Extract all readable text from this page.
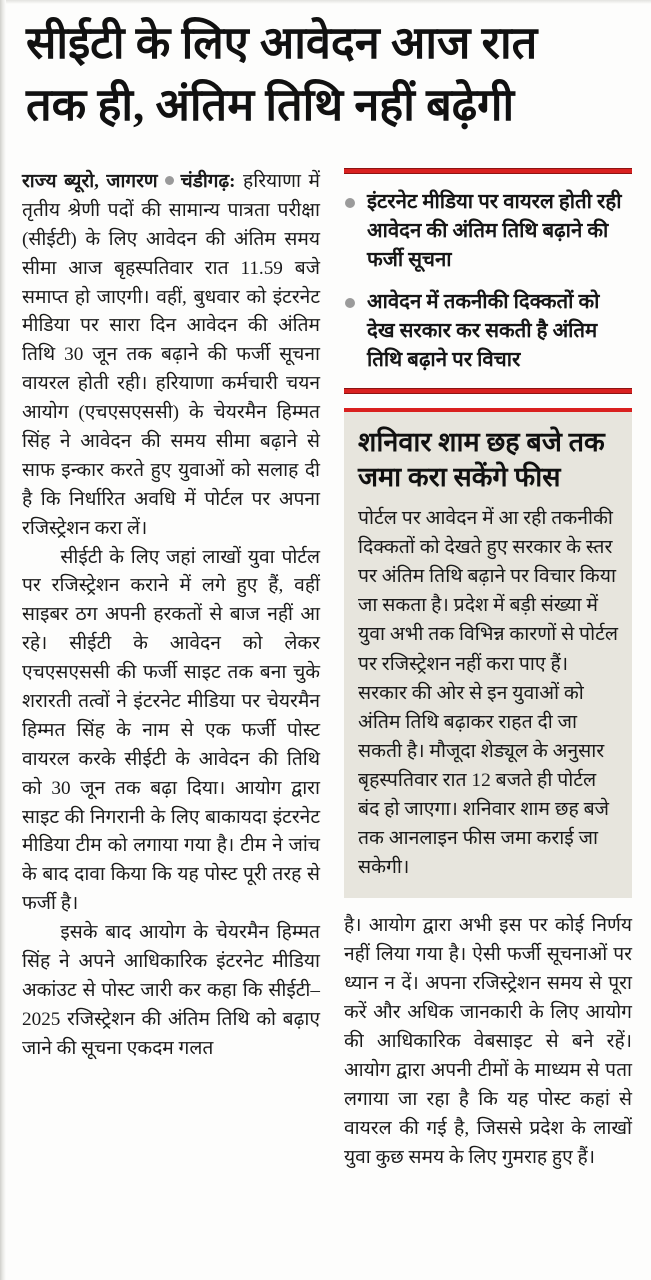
सीईटी के लिए आवेदन आज रात
तक ही, अंतिम तिथि नहीं बढ़ेगी

राज्य ब्यूरो, जागरण चंडीगढ़: हरियाणा में तृतीय श्रेणी पदों की सामान्य पात्रता परीक्षा (सीईटी) के लिए आवेदन की अंतिम समय सीमा आज बृहस्पतिवार रात 11.59 बजे समाप्त हो जाएगी। वहीं, बुधवार को इंटरनेट मीडिया पर सारा दिन आवेदन की अंतिम तिथि 30 जून तक बढ़ाने की फर्जी सूचना वायरल होती रही। हरियाणा कर्मचारी चयन आयोग (एचएसएससी) के चेयरमैन हिम्मत सिंह ने आवेदन की समय सीमा बढ़ाने से साफ इन्कार करते हुए युवाओं को सलाह दी है कि निर्धारित अवधि में पोर्टल पर अपना रजिस्ट्रेशन करा लें।

सीईटी के लिए जहां लाखों युवा पोर्टल पर रजिस्ट्रेशन कराने में लगे हुए हैं, वहीं साइबर ठग अपनी हरकतों से बाज नहीं आ रहे। सीईटी के आवेदन को लेकर एचएसएससी की फर्जी साइट तक बना चुके शरारती तत्वों ने इंटरनेट मीडिया पर चेयरमैन हिम्मत सिंह के नाम से एक फर्जी पोस्ट वायरल करके सीईटी के आवेदन की तिथि को 30 जून तक बढ़ा दिया। आयोग द्वारा साइट की निगरानी के लिए बाकायदा इंटरनेट मीडिया टीम को लगाया गया है। टीम ने जांच के बाद दावा किया कि यह पोस्ट पूरी तरह से फर्जी है।

इसके बाद आयोग के चेयरमैन हिम्मत सिंह ने अपने आधिकारिक इंटरनेट मीडिया अकांउट से पोस्ट जारी कर कहा कि सीईटी–2025 रजिस्ट्रेशन की अंतिम तिथि को बढ़ाए जाने की सूचना एकदम गलत

इंटरनेट मीडिया पर वायरल होती रही आवेदन की अंतिम तिथि बढ़ाने की फर्जी सूचना
आवेदन में तकनीकी दिक्कतों को देख सरकार कर सकती है अंतिम तिथि बढ़ाने पर विचार
शनिवार शाम छह बजे तक
जमा करा सकेंगे फीस

पोर्टल पर आवेदन में आ रही तकनीकी दिक्कतों को देखते हुए सरकार के स्तर पर अंतिम तिथि बढ़ाने पर विचार किया जा सकता है। प्रदेश में बड़ी संख्या में युवा अभी तक विभिन्न कारणों से पोर्टल पर रजिस्ट्रेशन नहीं करा पाए हैं। सरकार की ओर से इन युवाओं को अंतिम तिथि बढ़ाकर राहत दी जा सकती है। मौजूदा शेड्यूल के अनुसार बृहस्पतिवार रात 12 बजते ही पोर्टल बंद हो जाएगा। शनिवार शाम छह बजे तक आनलाइन फीस जमा कराई जा सकेगी।

है। आयोग द्वारा अभी इस पर कोई निर्णय नहीं लिया गया है। ऐसी फर्जी सूचनाओं पर ध्यान न दें। अपना रजिस्ट्रेशन समय से पूरा करें और अधिक जानकारी के लिए आयोग की आधिकारिक वेबसाइट से बने रहें। आयोग द्वारा अपनी टीमों के माध्यम से पता लगाया जा रहा है कि यह पोस्ट कहां से वायरल की गई है, जिससे प्रदेश के लाखों युवा कुछ समय के लिए गुमराह हुए हैं।
